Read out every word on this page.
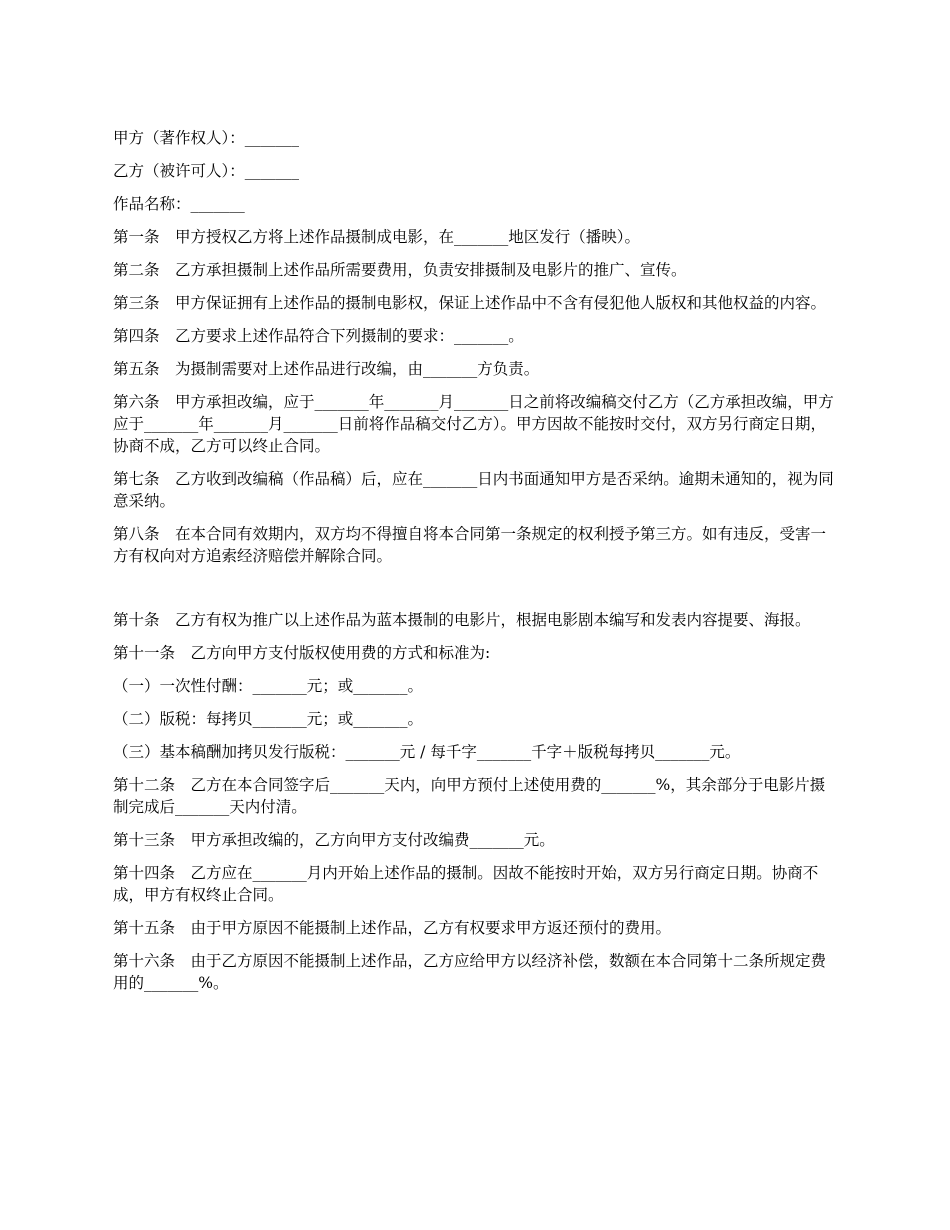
甲方（著作权人）：_______

乙方（被许可人）：_______

作品名称：_______

第一条　甲方授权乙方将上述作品摄制成电影，在_______地区发行（播映）。

第二条　乙方承担摄制上述作品所需要费用，负责安排摄制及电影片的推广、宣传。

第三条　甲方保证拥有上述作品的摄制电影权，保证上述作品中不含有侵犯他人版权和其他权益的内容。

第四条　乙方要求上述作品符合下列摄制的要求：_______。

第五条　为摄制需要对上述作品进行改编，由_______方负责。

第六条　甲方承担改编，应于_______年_______月_______日之前将改编稿交付乙方（乙方承担改编，甲方应于_______年_______月_______日前将作品稿交付乙方）。甲方因故不能按时交付，双方另行商定日期，协商不成，乙方可以终止合同。

第七条　乙方收到改编稿（作品稿）后，应在_______日内书面通知甲方是否采纳。逾期未通知的，视为同意采纳。

第八条　在本合同有效期内，双方均不得擅自将本合同第一条规定的权利授予第三方。如有违反，受害一方有权向对方追索经济赔偿并解除合同。

第十条　乙方有权为推广以上述作品为蓝本摄制的电影片，根据电影剧本编写和发表内容提要、海报。

第十一条　乙方向甲方支付版权使用费的方式和标准为:

（一）一次性付酬：_______元；或_______。

（二）版税：每拷贝_______元；或_______。

（三）基本稿酬加拷贝发行版税：_______元 / 每千字_______千字＋版税每拷贝_______元。

第十二条　乙方在本合同签字后_______天内，向甲方预付上述使用费的_______%，其余部分于电影片摄制完成后_______天内付清。

第十三条　甲方承担改编的，乙方向甲方支付改编费_______元。

第十四条　乙方应在_______月内开始上述作品的摄制。因故不能按时开始，双方另行商定日期。协商不成，甲方有权终止合同。

第十五条　由于甲方原因不能摄制上述作品，乙方有权要求甲方返还预付的费用。

第十六条　由于乙方原因不能摄制上述作品，乙方应给甲方以经济补偿，数额在本合同第十二条所规定费用的_______%。
